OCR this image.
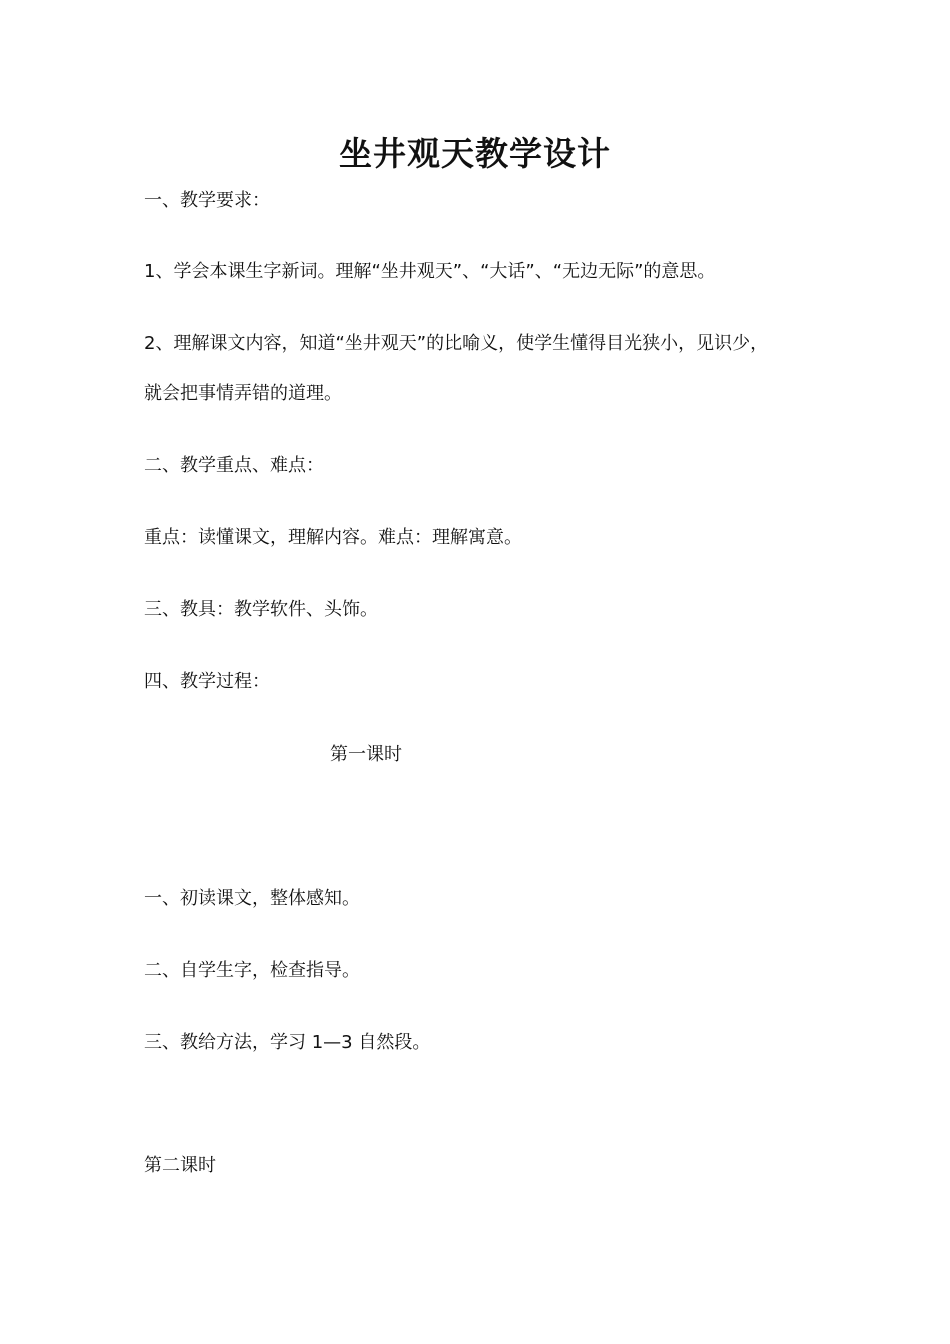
坐井观天教学设计
一、教学要求：
1、学会本课生字新词。理解“坐井观天”、“大话”、“无边无际”的意思。
2、理解课文内容，知道“坐井观天”的比喻义，使学生懂得目光狭小，见识少，
就会把事情弄错的道理。
二、教学重点、难点：
重点：读懂课文，理解内容。难点：理解寓意。
三、教具：教学软件、头饰。
四、教学过程：
第一课时
一、初读课文，整体感知。
二、自学生字，检查指导。
三、教给方法，学习 1—3 自然段。
第二课时
